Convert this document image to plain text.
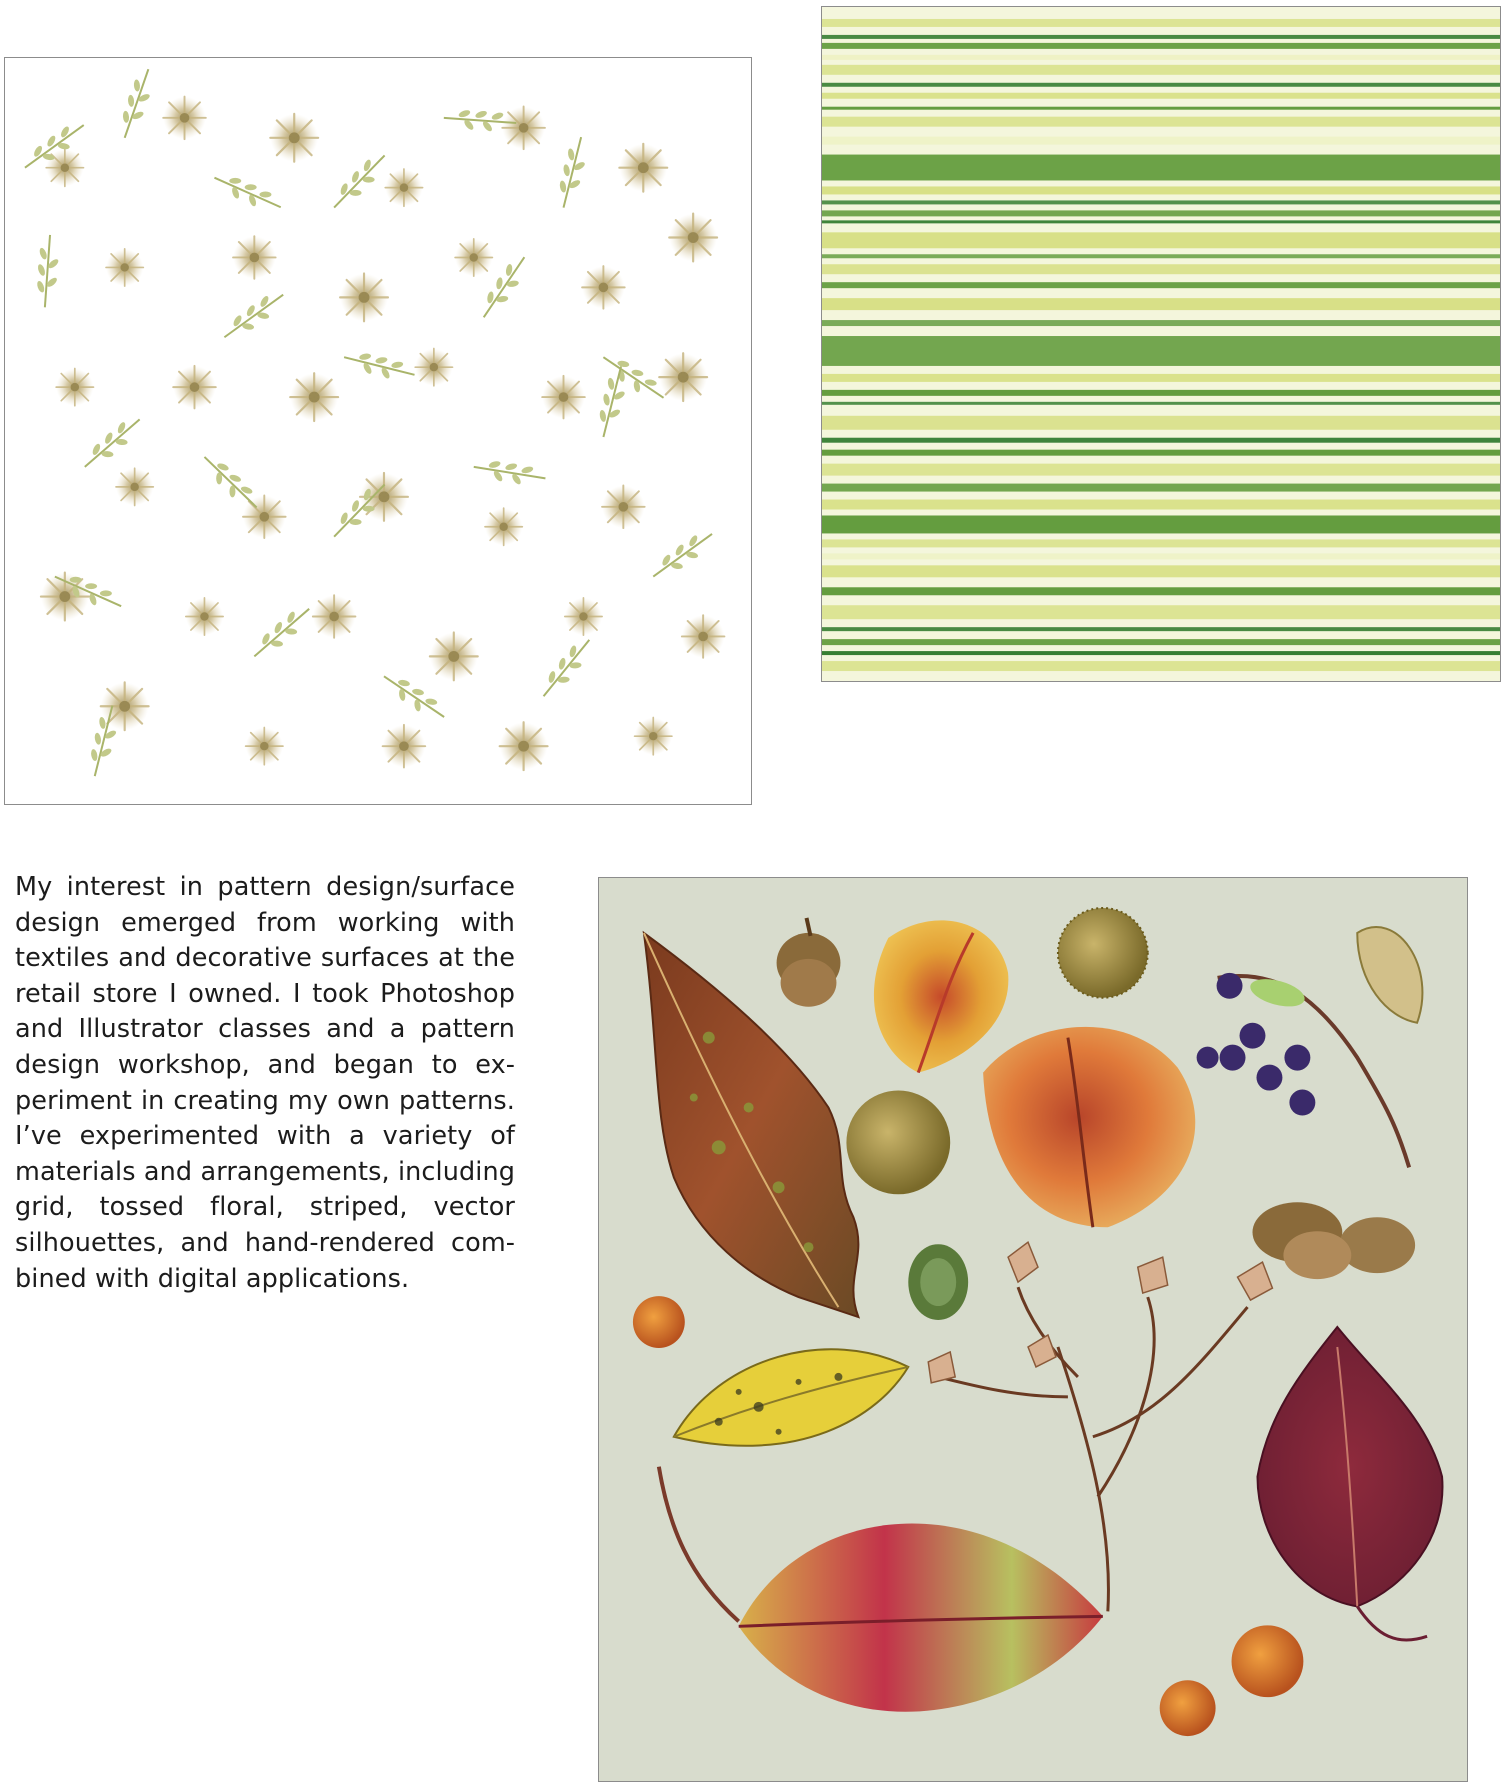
My interest in pattern design/surface design emerged from working with textiles and decorative surfaces at the retail store I owned. I took Photoshop and Illustrator classes and a pattern design workshop, and began to experiment in creating my own patterns. I’ve experimented with a variety of materials and arrangements, including grid, tossed floral, striped, vector silhouettes, and hand-rendered combined with digital applications.
